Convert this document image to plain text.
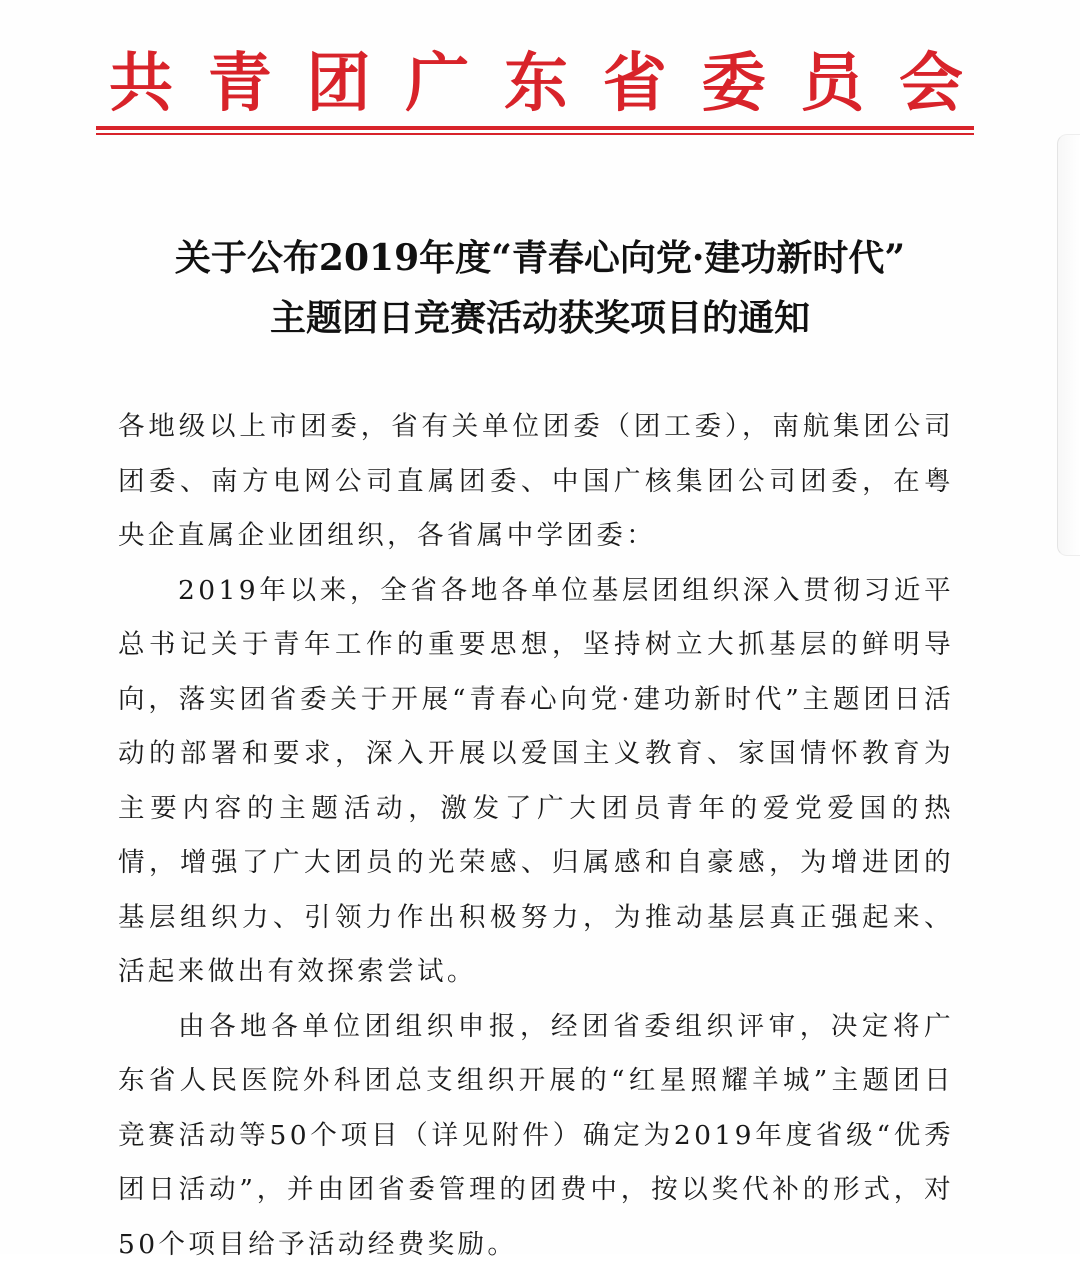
共 青 团 广 东 省 委 员 会
关于公布2019年度“青春心向党·建功新时代”
主题团日竞赛活动获奖项目的通知

各地级以上市团委，省有关单位团委（团工委），南航集团公司团委、南方电网公司直属团委、中国广核集团公司团委，在粤央企直属企业团组织，各省属中学团委：

2019年以来，全省各地各单位基层团组织深入贯彻习近平总书记关于青年工作的重要思想，坚持树立大抓基层的鲜明导向，落实团省委关于开展“青春心向党·建功新时代”主题团日活动的部署和要求，深入开展以爱国主义教育、家国情怀教育为主要内容的主题活动，激发了广大团员青年的爱党爱国的热情，增强了广大团员的光荣感、归属感和自豪感，为增进团的基层组织力、引领力作出积极努力，为推动基层真正强起来、活起来做出有效探索尝试。

由各地各单位团组织申报，经团省委组织评审，决定将广东省人民医院外科团总支组织开展的“红星照耀羊城”主题团日竞赛活动等50个项目（详见附件）确定为2019年度省级“优秀团日活动”，并由团省委管理的团费中，按以奖代补的形式，对50个项目给予活动经费奖励。
